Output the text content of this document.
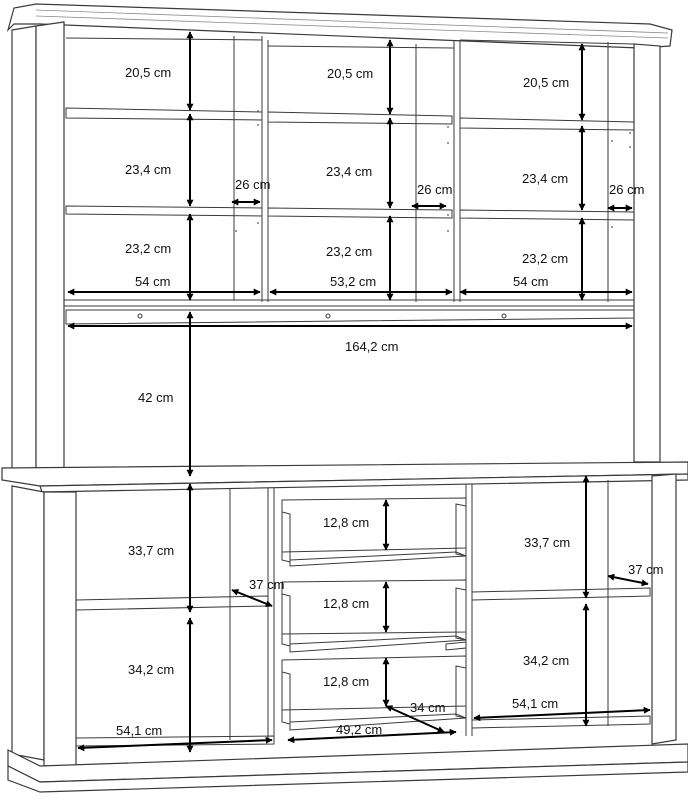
20,5 cm	20,5 cm
20,5 cm
23,4 cm	23,4 cm	23,4 cm
26 cm	26 cm	26 cm
23,2 cm	23,2 cm	23,2 cm
54 cm	53,2 cm	54 cm
164,2 cm
42 cm
33,7 cm
33,7 cm
37 cm
37 cm
12,8 cm
12,8 cm
12,8 cm
34,2 cm
34,2 cm
34 cm	54,1 cm
54,1 cm	49,2 cm
